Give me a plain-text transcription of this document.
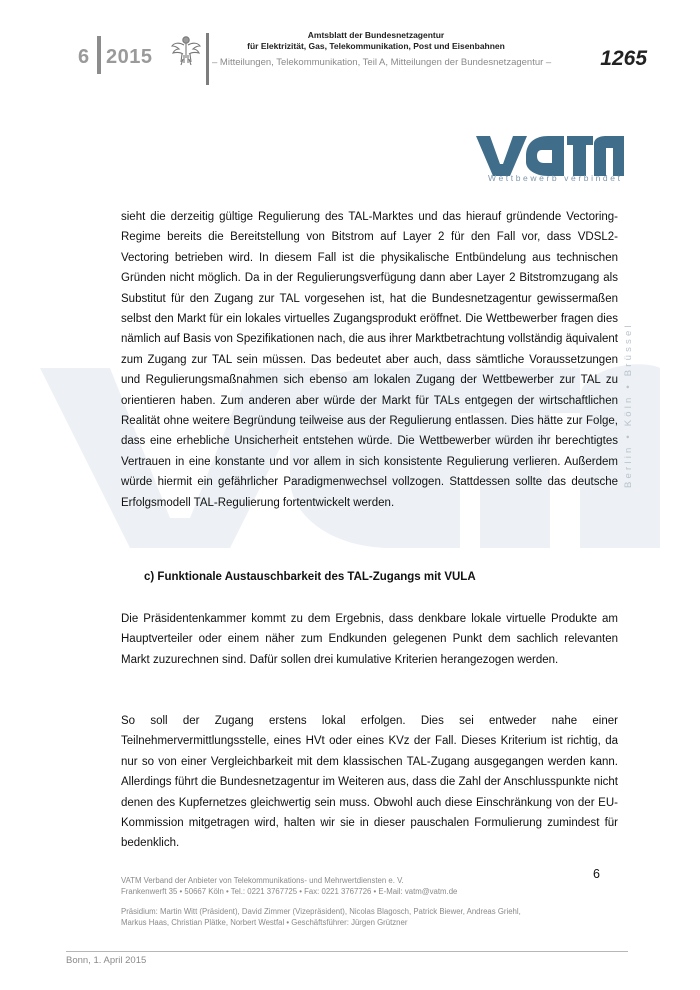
6 2015
Amtsblatt der Bundesnetzagentur
für Elektrizität, Gas, Telekommunikation, Post und Eisenbahnen
– Mitteilungen, Telekommunikation, Teil A, Mitteilungen der Bundesnetzagentur – 1265
Wettbewerb verbindet
Berlin • Köln • Brüssel
sieht die derzeitig gültige Regulierung des TAL-Marktes und das hierauf gründende Vectoring-Regime bereits die Bereitstellung von Bitstrom auf Layer 2 für den Fall vor, dass VDSL2-Vectoring betrieben wird. In diesem Fall ist die physikalische Entbündelung aus technischen Gründen nicht möglich. Da in der Regulierungsverfügung dann aber Layer 2 Bitstromzugang als Substitut für den Zugang zur TAL vorgesehen ist, hat die Bundesnetzagentur gewissermaßen selbst den Markt für ein lokales virtuelles Zugangsprodukt eröffnet. Die Wettbewerber fragen dies nämlich auf Basis von Spezifikationen nach, die aus ihrer Marktbetrachtung vollständig äquivalent zum Zugang zur TAL sein müssen. Das bedeutet aber auch, dass sämtliche Voraussetzungen und Regulierungsmaßnahmen sich ebenso am lokalen Zugang der Wettbewerber zur TAL zu orientieren haben. Zum anderen aber würde der Markt für TALs entgegen der wirtschaftlichen Realität ohne weitere Begründung teilweise aus der Regulierung entlassen. Dies hätte zur Folge, dass eine erhebliche Unsicherheit entstehen würde. Die Wettbewerber würden ihr berechtigtes Vertrauen in eine konstante und vor allem in sich konsistente Regulierung verlieren. Außerdem würde hiermit ein gefährlicher Paradigmenwechsel vollzogen. Stattdessen sollte das deutsche Erfolgsmodell TAL-Regulierung fortentwickelt werden.
c) Funktionale Austauschbarkeit des TAL-Zugangs mit VULA
Die Präsidentenkammer kommt zu dem Ergebnis, dass denkbare lokale virtuelle Produkte am Hauptverteiler oder einem näher zum Endkunden gelegenen Punkt dem sachlich relevanten Markt zuzurechnen sind. Dafür sollen drei kumulative Kriterien herangezogen werden.
So soll der Zugang erstens lokal erfolgen. Dies sei entweder nahe einer Teilnehmervermittlungsstelle, eines HVt oder eines KVz der Fall. Dieses Kriterium ist richtig, da nur so von einer Vergleichbarkeit mit dem klassischen TAL-Zugang ausgegangen werden kann. Allerdings führt die Bundesnetzagentur im Weiteren aus, dass die Zahl der Anschlusspunkte nicht denen des Kupfernetzes gleichwertig sein muss. Obwohl auch diese Einschränkung von der EU-Kommission mitgetragen wird, halten wir sie in dieser pauschalen Formulierung zumindest für bedenklich.
6
VATM Verband der Anbieter von Telekommunikations- und Mehrwertdiensten e. V.
Frankenwerft 35 • 50667 Köln • Tel.: 0221 3767725 • Fax: 0221 3767726 • E-Mail: vatm@vatm.de
Präsidium: Martin Witt (Präsident), David Zimmer (Vizepräsident), Nicolas Blagosch, Patrick Biewer, Andreas Griehl,
Markus Haas, Christian Plätke, Norbert Westfal • Geschäftsführer: Jürgen Grützner
Bonn, 1. April 2015
